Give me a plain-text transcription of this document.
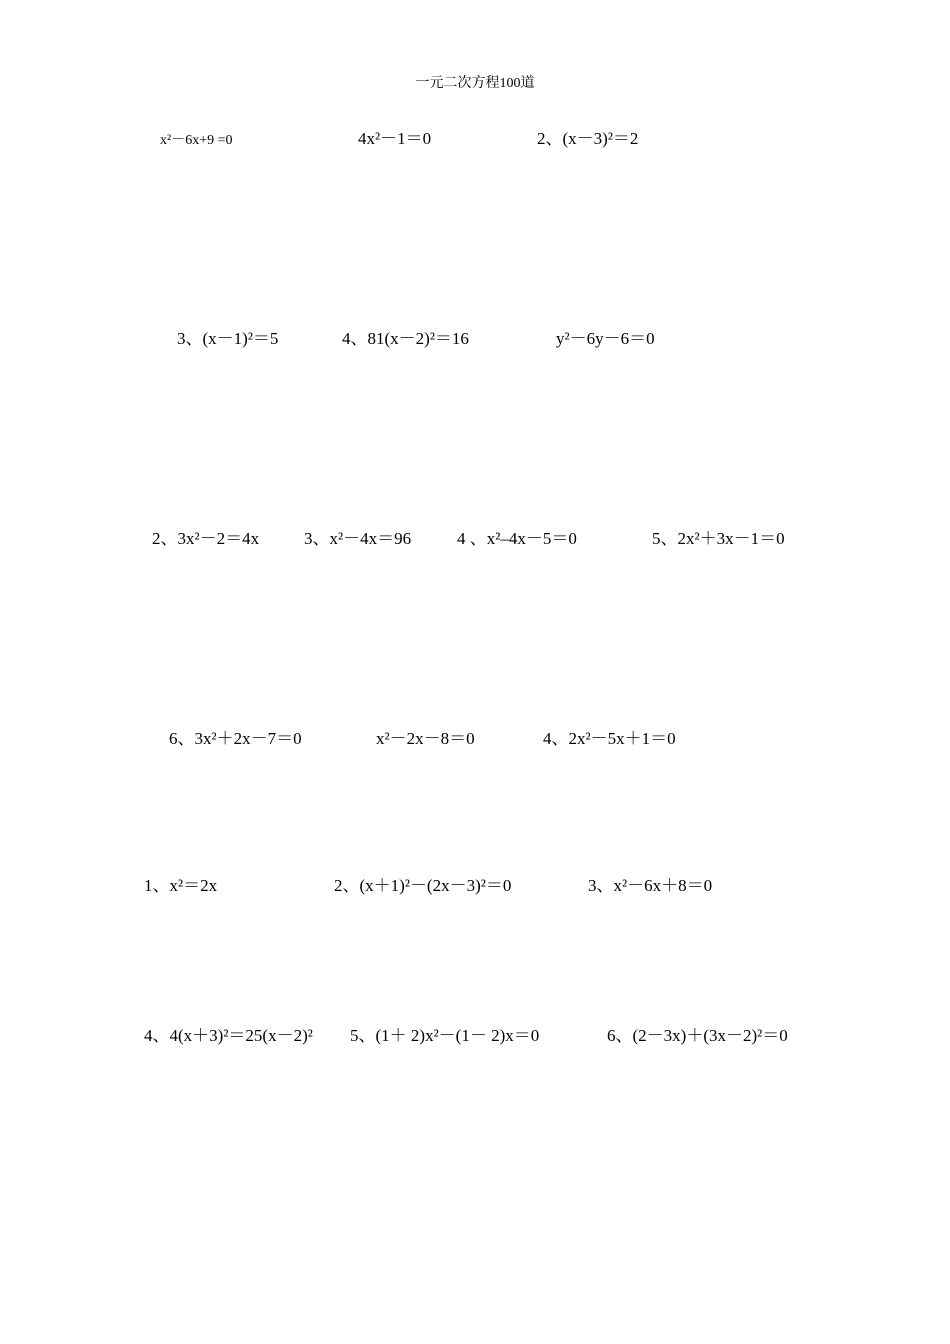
一元二次方程100道
x²－6x+9 =0	4x²－1＝0	2、(x－3)²＝2
3、(x－1)²＝5	4、81(x－2)²＝16	y²－6y－6＝0
2、3x²－2＝4x	3、x²－4x＝96	4 、x²–4x－5＝0	5、2x²＋3x－1＝0
6、3x²＋2x－7＝0	x²－2x－8＝0	4、2x²－5x＋1＝0
1、x²＝2x	2、(x＋1)²－(2x－3)²＝0	3、x²－6x＋8＝0
4、4(x＋3)²＝25(x－2)² 5、(1＋ 2)x²－(1－ 2)x＝0	6、(2－3x)＋(3x－2)²＝0
